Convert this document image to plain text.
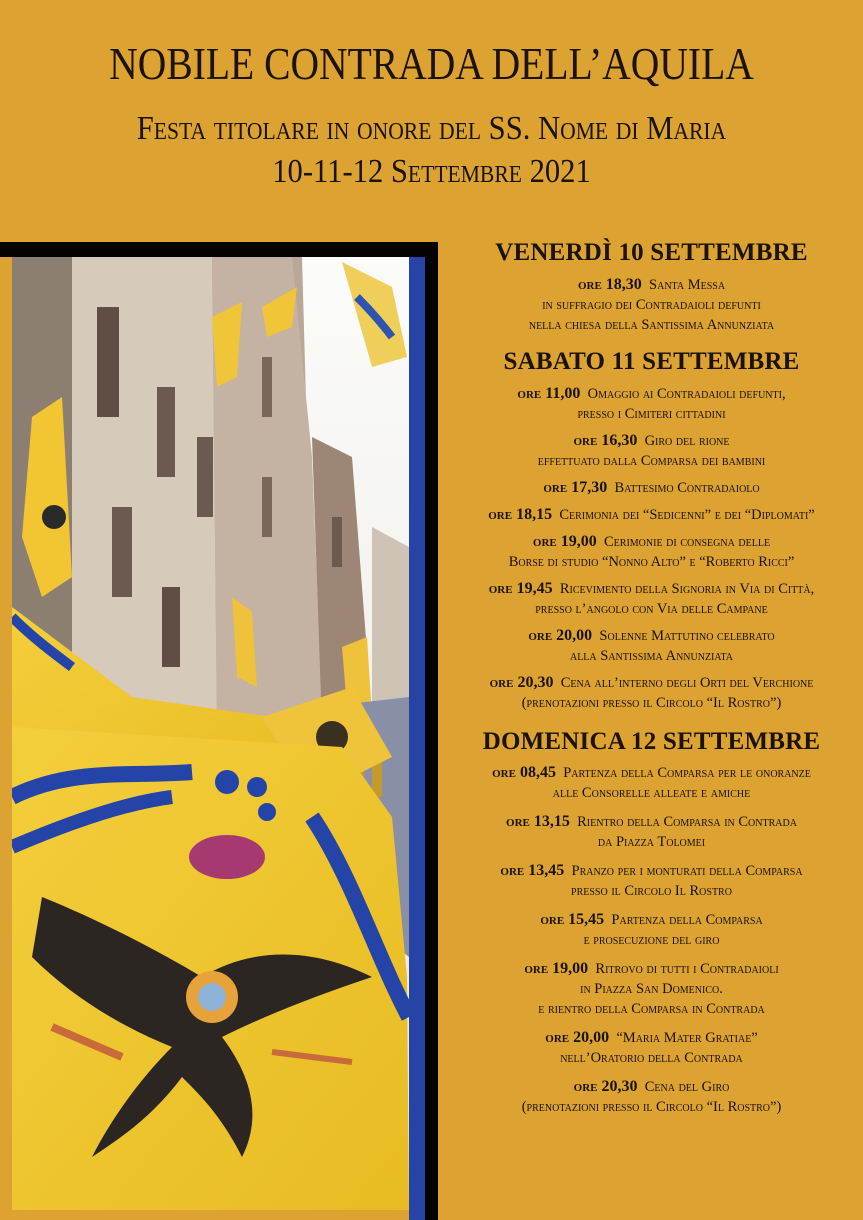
NOBILE CONTRADA DELL’AQUILA
Festa titolare in onore del SS. Nome di Maria
10-11-12 Settembre 2021
VENERDÌ 10 SETTEMBRE
ore 18,30 Santa Messa
in suffragio dei Contradaioli defunti
nella chiesa della Santissima Annunziata
SABATO 11 SETTEMBRE
ore 11,00 Omaggio ai Contradaioli defunti,
presso i Cimiteri cittadini
ore 16,30 Giro del rione
effettuato dalla Comparsa dei bambini
ore 17,30 Battesimo Contradaiolo
ore 18,15 Cerimonia dei “Sedicenni” e dei “Diplomati”
ore 19,00 Cerimonie di consegna delle
Borse di studio “Nonno Alto” e “Roberto Ricci”
ore 19,45 Ricevimento della Signoria in Via di Città,
presso l’angolo con Via delle Campane
ore 20,00 Solenne Mattutino celebrato
alla Santissima Annunziata
ore 20,30 Cena all’interno degli Orti del Verchione
(prenotazioni presso il Circolo “Il Rostro”)
DOMENICA 12 SETTEMBRE
ore 08,45 Partenza della Comparsa per le onoranze
alle Consorelle alleate e amiche
ore 13,15 Rientro della Comparsa in Contrada
da Piazza Tolomei
ore 13,45 Pranzo per i monturati della Comparsa
presso il Circolo Il Rostro
ore 15,45 Partenza della Comparsa
e prosecuzione del giro
ore 19,00 Ritrovo di tutti i Contradaioli
in Piazza San Domenico.
e rientro della Comparsa in Contrada
ore 20,00 “Maria Mater Gratiae”
nell’Oratorio della Contrada
ore 20,30 Cena del Giro
(prenotazioni presso il Circolo “Il Rostro”)
